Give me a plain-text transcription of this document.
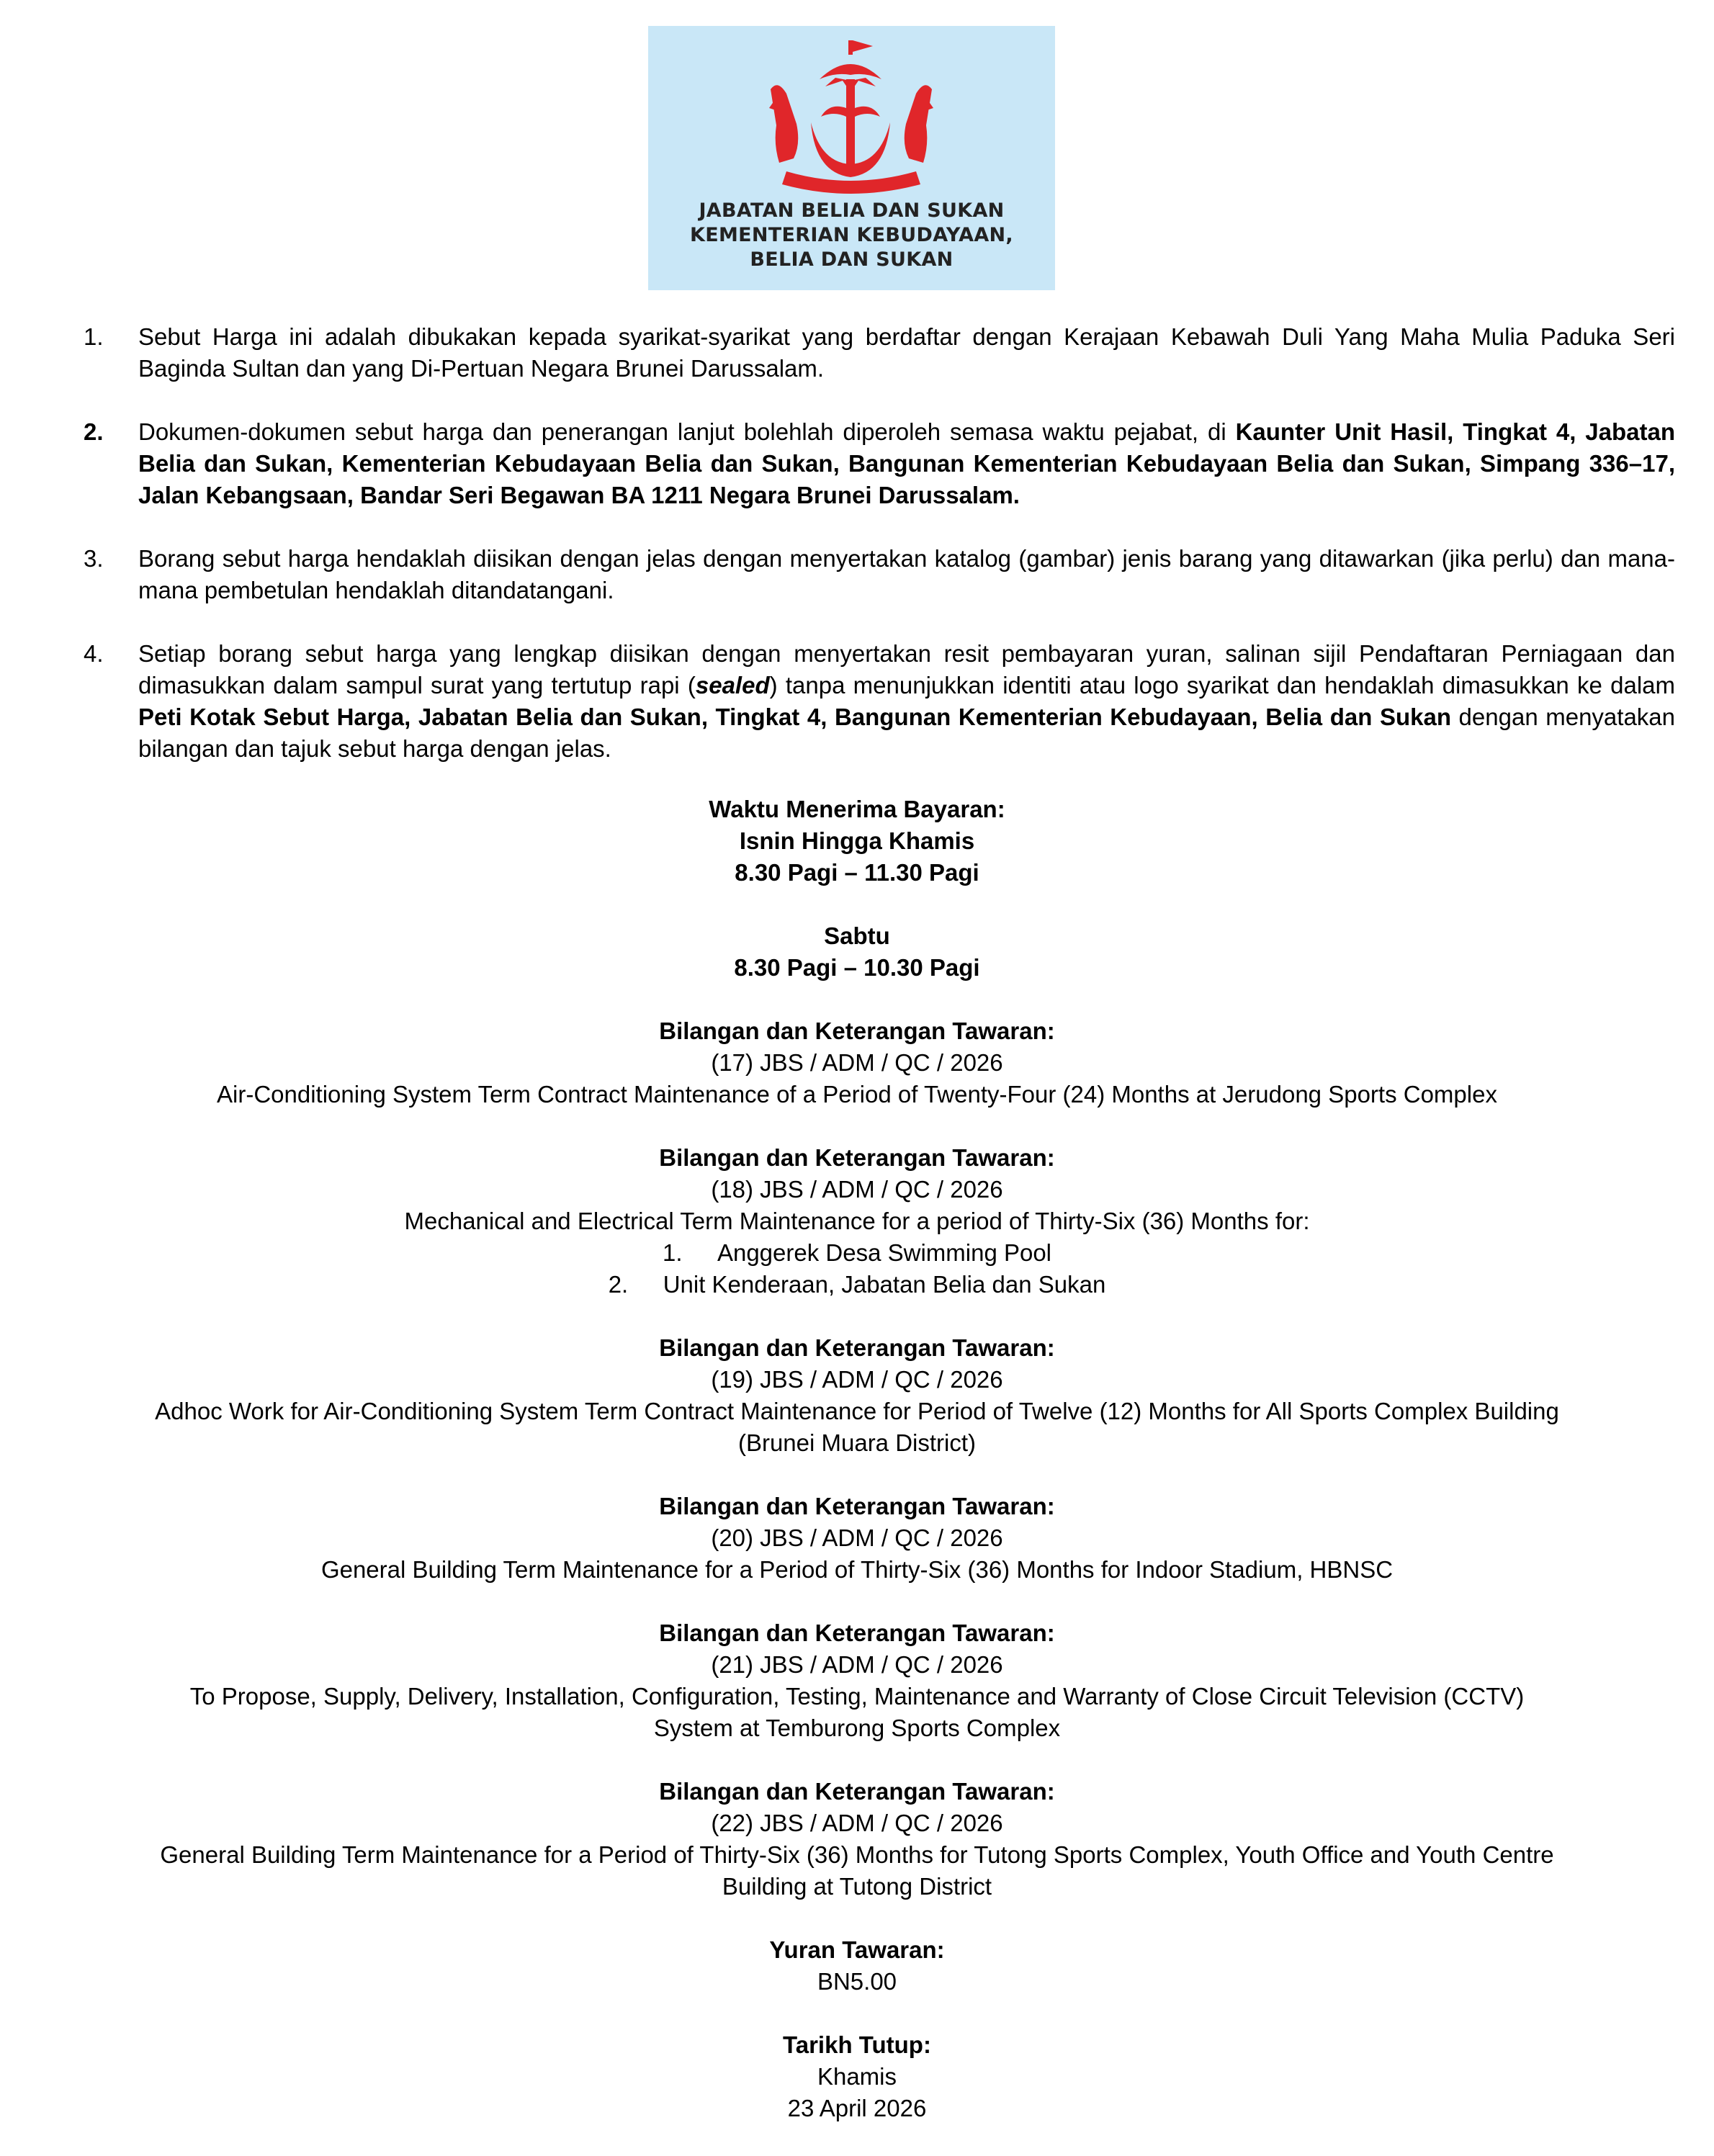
JABATAN BELIA DAN SUKAN
KEMENTERIAN KEBUDAYAAN,
BELIA DAN SUKAN
1. Sebut Harga ini adalah dibukakan kepada syarikat-syarikat yang berdaftar dengan Kerajaan Kebawah Duli Yang Maha Mulia Paduka Seri Baginda Sultan dan yang Di-Pertuan Negara Brunei Darussalam.
2. Dokumen-dokumen sebut harga dan penerangan lanjut bolehlah diperoleh semasa waktu pejabat, di Kaunter Unit Hasil, Tingkat 4, Jabatan Belia dan Sukan, Kementerian Kebudayaan Belia dan Sukan, Bangunan Kementerian Kebudayaan Belia dan Sukan, Simpang 336–17, Jalan Kebangsaan, Bandar Seri Begawan BA 1211 Negara Brunei Darussalam.
3. Borang sebut harga hendaklah diisikan dengan jelas dengan menyertakan katalog (gambar) jenis barang yang ditawarkan (jika perlu) dan mana-mana pembetulan hendaklah ditandatangani.
4. Setiap borang sebut harga yang lengkap diisikan dengan menyertakan resit pembayaran yuran, salinan sijil Pendaftaran Perniagaan dan dimasukkan dalam sampul surat yang tertutup rapi (sealed) tanpa menunjukkan identiti atau logo syarikat dan hendaklah dimasukkan ke dalam Peti Kotak Sebut Harga, Jabatan Belia dan Sukan, Tingkat 4, Bangunan Kementerian Kebudayaan, Belia dan Sukan dengan menyatakan bilangan dan tajuk sebut harga dengan jelas.
Waktu Menerima Bayaran:
Isnin Hingga Khamis
8.30 Pagi – 11.30 Pagi
Sabtu
8.30 Pagi – 10.30 Pagi
Bilangan dan Keterangan Tawaran:
(17) JBS / ADM / QC / 2026
Air-Conditioning System Term Contract Maintenance of a Period of Twenty-Four (24) Months at Jerudong Sports Complex
Bilangan dan Keterangan Tawaran:
(18) JBS / ADM / QC / 2026
Mechanical and Electrical Term Maintenance for a period of Thirty-Six (36) Months for:
1. Anggerek Desa Swimming Pool
2. Unit Kenderaan, Jabatan Belia dan Sukan
Bilangan dan Keterangan Tawaran:
(19) JBS / ADM / QC / 2026
Adhoc Work for Air-Conditioning System Term Contract Maintenance for Period of Twelve (12) Months for All Sports Complex Building
(Brunei Muara District)
Bilangan dan Keterangan Tawaran:
(20) JBS / ADM / QC / 2026
General Building Term Maintenance for a Period of Thirty-Six (36) Months for Indoor Stadium, HBNSC
Bilangan dan Keterangan Tawaran:
(21) JBS / ADM / QC / 2026
To Propose, Supply, Delivery, Installation, Configuration, Testing, Maintenance and Warranty of Close Circuit Television (CCTV)
System at Temburong Sports Complex
Bilangan dan Keterangan Tawaran:
(22) JBS / ADM / QC / 2026
General Building Term Maintenance for a Period of Thirty-Six (36) Months for Tutong Sports Complex, Youth Office and Youth Centre
Building at Tutong District
Yuran Tawaran:
BN5.00
Tarikh Tutup:
Khamis
23 April 2026
